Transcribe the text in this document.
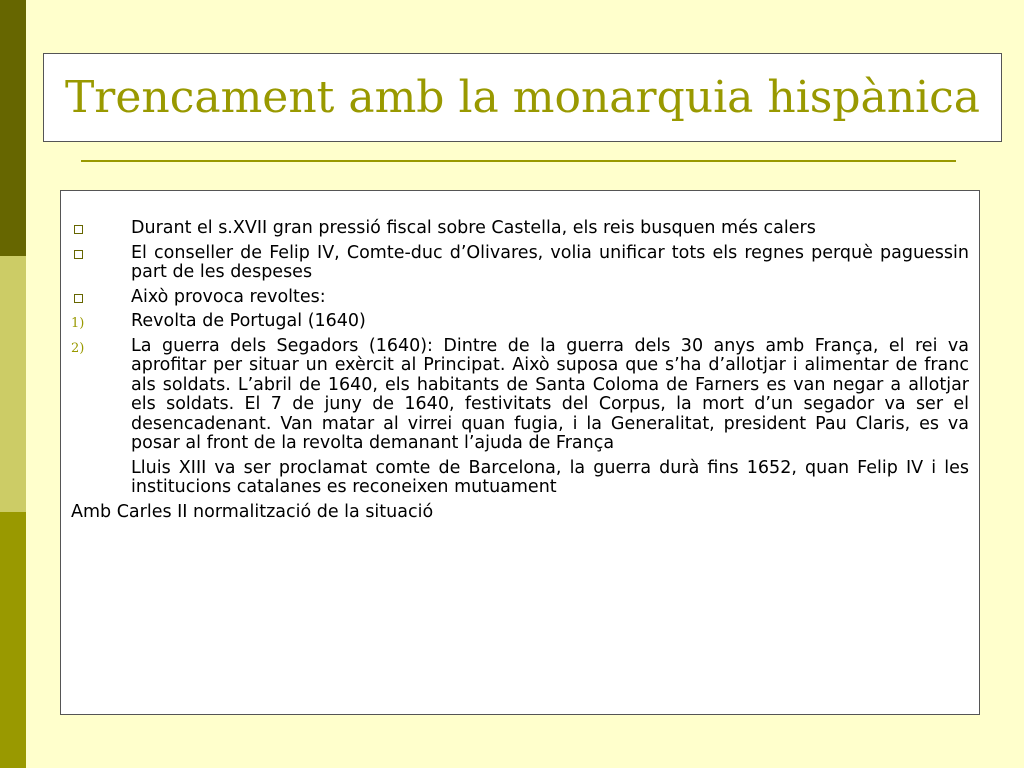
Trencament amb la monarquia hispànica
Durant el s.XVII gran pressió fiscal sobre Castella, els reis busquen més calers
El conseller de Felip IV, Comte-duc d’Olivares, volia unificar tots els regnes perquè paguessin part de les despeses
Això provoca revoltes:
1)	Revolta de Portugal (1640)
2)	La guerra dels Segadors (1640): Dintre de la guerra dels 30 anys amb França, el rei va aprofitar per situar un exèrcit al Principat. Això suposa que s’ha d’allotjar i alimentar de franc als soldats. L’abril de 1640, els habitants de Santa Coloma de Farners es van negar a allotjar els soldats. El 7 de juny de 1640, festivitats del Corpus, la mort d’un segador va ser el desencadenant. Van matar al virrei quan fugia, i la Generalitat, president Pau Claris, es va posar al front de la revolta demanant l’ajuda de França
Lluis XIII va ser proclamat comte de Barcelona, la guerra durà fins 1652, quan Felip IV i les institucions catalanes es reconeixen mutuament
Amb Carles II normalització de la situació
